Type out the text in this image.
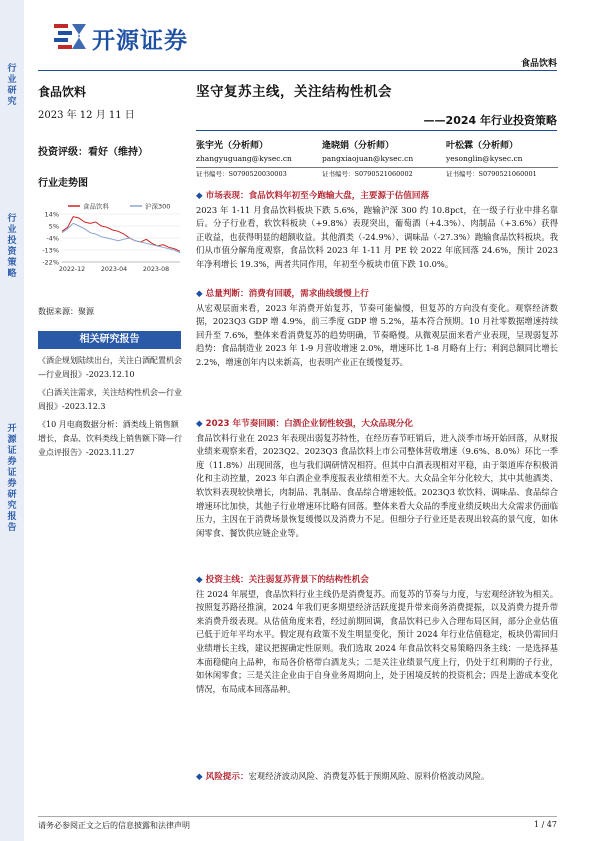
行业研究
行业投资策略
开源证券 证券研究报告
开源证券
食品饮料
食品饮料
2023 年 12 月 11 日
投资评级：看好（维持）
行业走势图
14%
5%
-4%
-13%
-22%
2022-12 2023-04 2023-08
食品饮料	沪深300
数据来源：聚源
相关研究报告

《酒企规划陆续出台，关注白酒配置机会—行业周报》-2023.12.10

《白酒关注需求，关注结构性机会—行业周报》-2023.12.3

《10 月电商数据分析：酒类线上销售额增长，食品、饮料类线上销售额下降—行业点评报告》-2023.11.27

坚守复苏主线，关注结构性机会
——2024 年行业投资策略
张宇光（分析师）
zhangyuguang@kysec.cn
证书编号：S0790520030003
逄晓娟（分析师）
pangxiaojuan@kysec.cn
证书编号：S0790521060002
叶松霖（分析师）
yesonglin@kysec.cn
证书编号：S0790521060001
◆ 市场表现：食品饮料年初至今跑输大盘，主要源于估值回落
2023 年 1-11 月食品饮料板块下跌 5.6%，跑输沪深 300 约 10.8pct，在一级子行业中排名靠后。分子行业看，软饮料板块（+9.8%）表现突出，葡萄酒（+4.3%）、肉制品（+3.6%）获得正收益，也获得明显的超额收益。其他酒类（-24.9%）、调味品（-27.3%）跑输食品饮料板块。我们从市值分解角度观察，食品饮料 2023 年 1-11 月 PE 较 2022 年底回落 24.6%，预计 2023 年净利增长 19.3%，两者共同作用，年初至今板块市值下跌 10.0%。
◆ 总量判断：消费有回暖，需求曲线缓慢上行
从宏观层面来看，2023 年消费开始复苏，节奏可能偏慢，但复苏的方向没有变化。观察经济数据，2023Q3 GDP 增 4.9%，前三季度 GDP 增 5.2%，基本符合预期。10 月社零数据增速持续回升至 7.6%，整体来看消费复苏的趋势明确，节奏略慢。从微观层面来看产业表现，呈现弱复苏趋势：食品制造业 2023 年 1-9 月营收增速 2.0%，增速环比 1-8 月略有上行；利润总额同比增长 2.2%，增速创年内以来新高，也表明产业正在缓慢复苏。
◆ 2023 年节奏回顾：白酒企业韧性较强，大众品现分化
食品饮料行业在 2023 年表现出弱复苏特性，在经历春节旺销后，进入淡季市场开始回落，从财报业绩来观察来看，2023Q2、2023Q3 食品饮料上市公司整体营收增速（9.6%、8.0%）环比一季度（11.8%）出现回落，也与我们调研情况相符。但其中白酒表现相对平稳，由于渠道库存积极消化和主动控量，2023 年白酒企业季度报表业绩相差不大。大众品全年分化较大，其中其他酒类、软饮料表现较快增长，肉制品、乳制品、食品综合增速较低。2023Q3 软饮料、调味品、食品综合增速环比加快，其他子行业增速环比略有回落。整体来看大众品的季度业绩反映出大众需求仍面临压力，主因在于消费场景恢复缓慢以及消费力不足。但细分子行业还是表现出较高的景气度，如休闲零食、餐饮供应链企业等。
◆ 投资主线：关注弱复苏背景下的结构性机会
往 2024 年展望，食品饮料行业主线仍是消费复苏。而复苏的节奏与力度，与宏观经济较为相关。按照复苏路径推演，2024 年我们更多期望经济活跃度提升带来商务消费提振，以及消费力提升带来消费升级表现。从估值角度来看，经过前期回调，食品饮料已步入合理布局区间，部分企业估值已低于近年平均水平。假定现有政策不发生明显变化，预计 2024 年行业估值稳定，板块仍需回归业绩增长主线，建议把握确定性原则。我们选取 2024 年食品饮料交易策略四条主线：一是选择基本面稳健向上品种，布局各价格带白酒龙头；二是关注业绩景气度上行，仍处于红利期的子行业，如休闲零食；三是关注企业由于自身业务周期向上，处于困境反转的投资机会；四是上游成本变化情况，布局成本回落品种。
◆ 风险提示：宏观经济波动风险、消费复苏低于预期风险、原料价格波动风险。
请务必参阅正文之后的信息披露和法律声明	1 / 47
